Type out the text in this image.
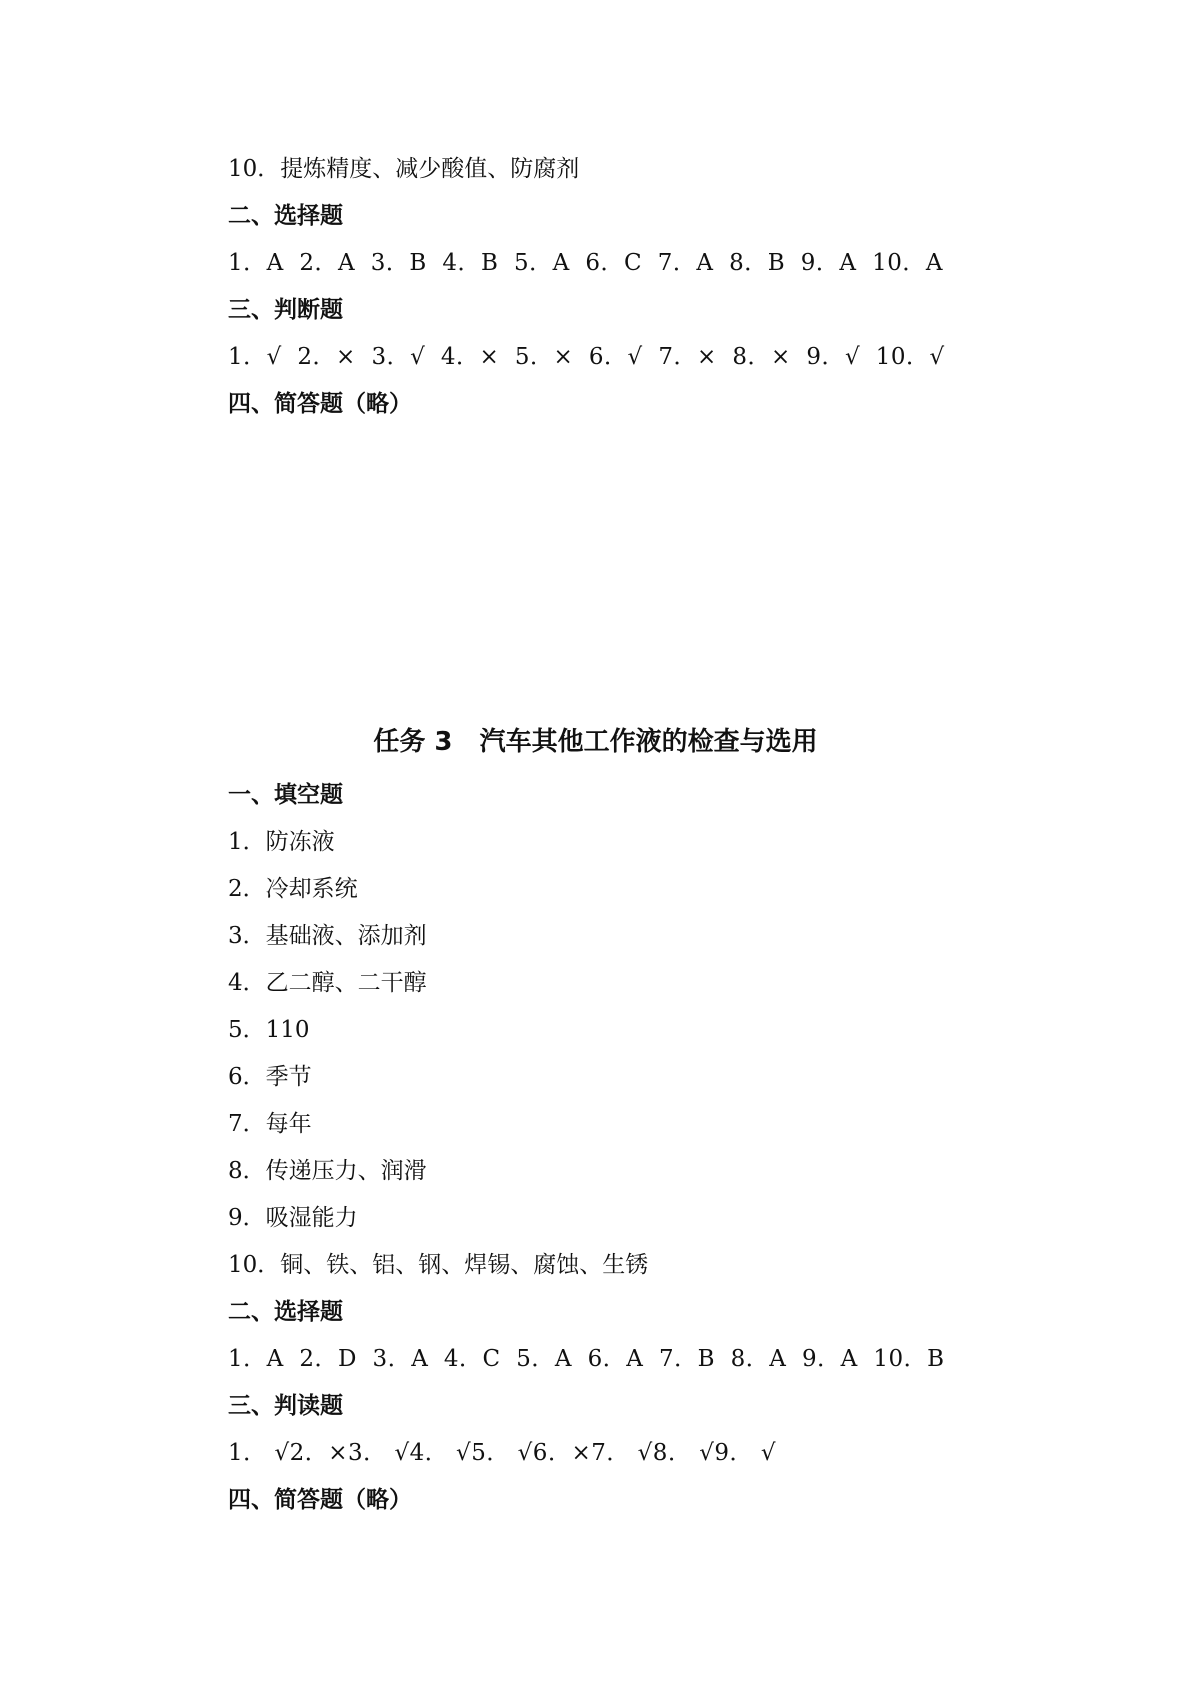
10．提炼精度、减少酸值、防腐剂

二、选择题

1．A  2．A  3．B  4．B  5．A  6．C  7．A  8．B  9．A  10．A

三、判断题

1．√  2．×  3．√  4．×  5．×  6．√  7．×  8．×  9．√  10．√

四、简答题（略）

任务 3   汽车其他工作液的检查与选用

一、填空题

1．防冻液

2．冷却系统

3．基础液、添加剂

4．乙二醇、二干醇

5．110

6．季节

7．每年

8．传递压力、润滑

9．吸湿能力

10．铜、铁、铝、钢、焊锡、腐蚀、生锈

二、选择题

1．A  2．D  3．A  4．C  5．A  6．A  7．B  8．A  9．A  10．B

三、判读题

1． √2．×3． √4． √5． √6．×7． √8． √9． √

四、简答题（略）
